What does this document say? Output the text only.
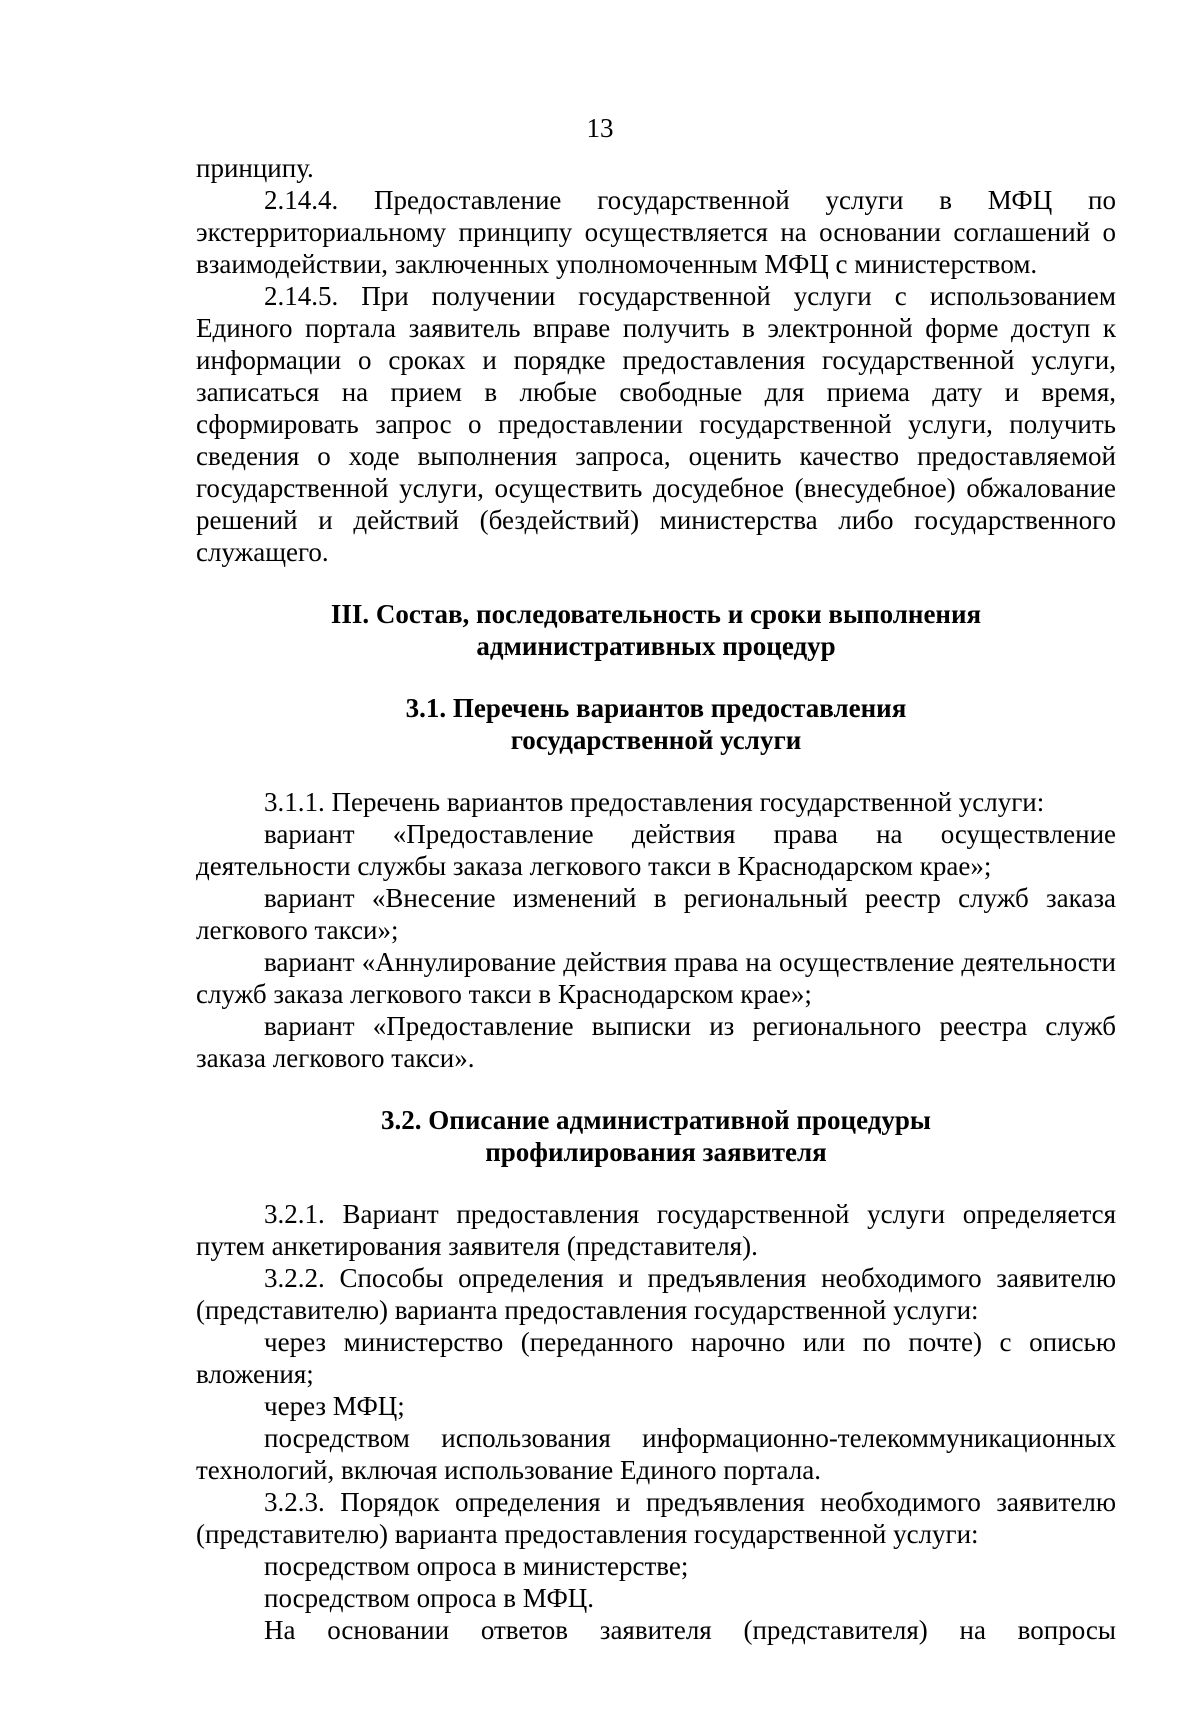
13

принципу.

2.14.4. Предоставление государственной услуги в МФЦ по экстерриториальному принципу осуществляется на основании соглашений о взаимодействии, заключенных уполномоченным МФЦ с министерством.

2.14.5. При получении государственной услуги с использованием Единого портала заявитель вправе получить в электронной форме доступ к информации о сроках и порядке предоставления государственной услуги, записаться на прием в любые свободные для приема дату и время, сформировать запрос о предоставлении государственной услуги, получить сведения о ходе выполнения запроса, оценить качество предоставляемой государственной услуги, осуществить досудебное (внесудебное) обжалование решений и действий (бездействий) министерства либо государственного служащего.

III. Состав, последовательность и сроки выполнения

административных процедур

3.1. Перечень вариантов предоставления

государственной услуги

3.1.1. Перечень вариантов предоставления государственной услуги:

вариант «Предоставление действия права на осуществление деятельности службы заказа легкового такси в Краснодарском крае»;

вариант «Внесение изменений в региональный реестр служб заказа легкового такси»;

вариант «Аннулирование действия права на осуществление деятельности служб заказа легкового такси в Краснодарском крае»;

вариант «Предоставление выписки из регионального реестра служб заказа легкового такси».

3.2. Описание административной процедуры

профилирования заявителя

3.2.1. Вариант предоставления государственной услуги определяется путем анкетирования заявителя (представителя).

3.2.2. Способы определения и предъявления необходимого заявителю (представителю) варианта предоставления государственной услуги:

через министерство (переданного нарочно или по почте) с описью вложения;

через МФЦ;

посредством использования информационно-телекоммуникационных технологий, включая использование Единого портала.

3.2.3. Порядок определения и предъявления необходимого заявителю (представителю) варианта предоставления государственной услуги:

посредством опроса в министерстве;

посредством опроса в МФЦ.

На основании ответов заявителя (представителя) на вопросы
